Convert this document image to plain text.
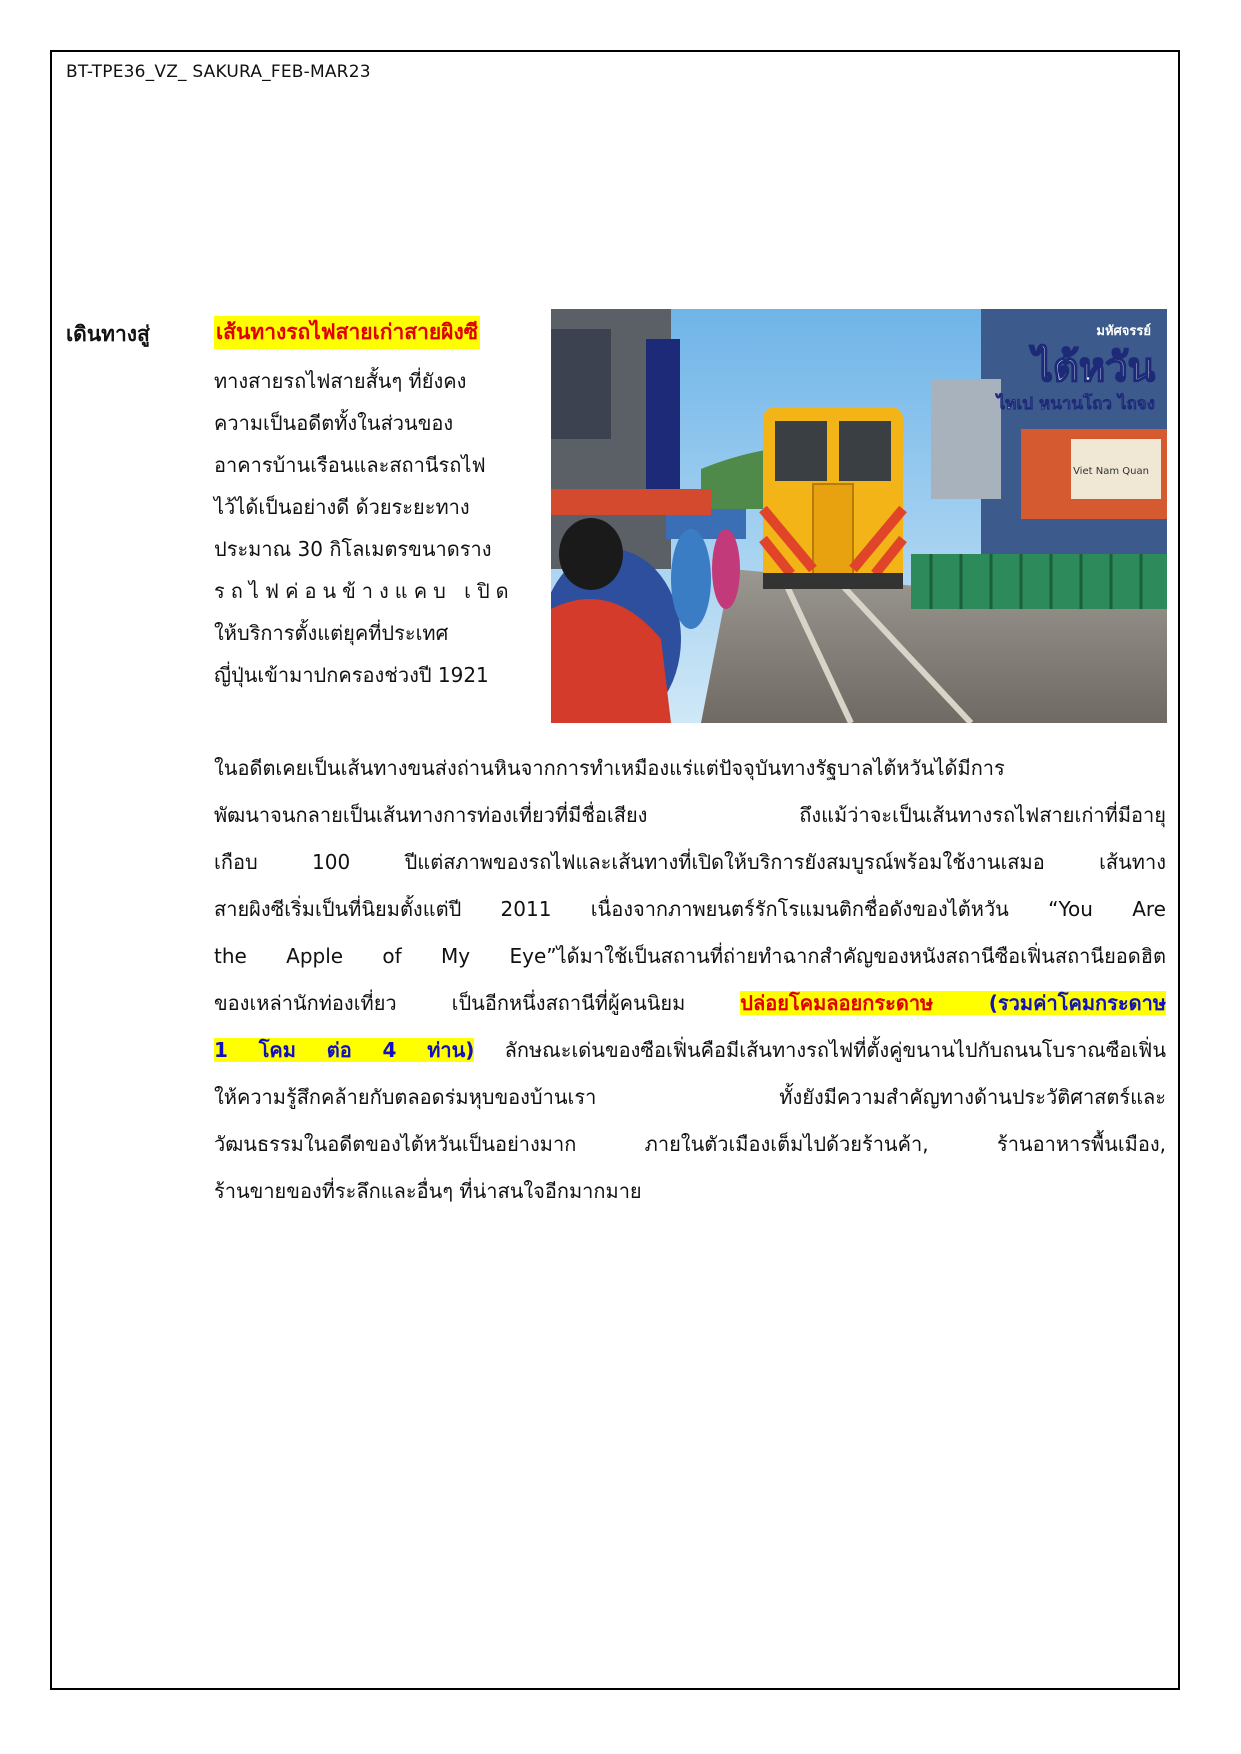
BT-TPE36_VZ_ SAKURA_FEB-MAR23
เดินทางสู่	เส้นทางรถไฟสายเก่าสายผิงซี
ทางสายรถไฟสายสั้นๆ ที่ยังคง
ความเป็นอดีตทั้งในส่วนของ
อาคารบ้านเรือนและสถานีรถไฟ
ไว้ได้เป็นอย่างดี ด้วยระยะทาง
ประมาณ 30 กิโลเมตรขนาดราง
รถไฟค่อนข้างแคบ เปิด
ให้บริการตั้งแต่ยุคที่ประเทศ
ญี่ปุ่นเข้ามาปกครองช่วงปี 1921
มหัศจรรย์
ไต้หวัน
ไทเป หนานโถว ไถจง
Viet Nam Quan
ในอดีตเคยเป็นเส้นทางขนส่งถ่านหินจากการทำเหมืองแร่แต่ปัจจุบันทางรัฐบาลไต้หวันได้มีการ
พัฒนาจนกลายเป็นเส้นทางการท่องเที่ยวที่มีชื่อเสียง ถึงแม้ว่าจะเป็นเส้นทางรถไฟสายเก่าที่มีอายุ
เกือบ 100 ปีแต่สภาพของรถไฟและเส้นทางที่เปิดให้บริการยังสมบูรณ์พร้อมใช้งานเสมอ เส้นทาง
สายผิงซีเริ่มเป็นที่นิยมตั้งแต่ปี 2011 เนื่องจากภาพยนตร์รักโรแมนติกชื่อดังของไต้หวัน “You Are
the Apple of My Eye”ได้มาใช้เป็นสถานที่ถ่ายทำฉากสำคัญของหนังสถานีซือเฟิ่นสถานียอดฮิต
ของเหล่านักท่องเที่ยว เป็นอีกหนึ่งสถานีที่ผู้คนนิยม ปล่อยโคมลอยกระดาษ (รวมค่าโคมกระดาษ
1 โคม ต่อ 4 ท่าน) ลักษณะเด่นของซือเฟิ่นคือมีเส้นทางรถไฟที่ตั้งคู่ขนานไปกับถนนโบราณซือเฟิ่น
ให้ความรู้สึกคล้ายกับตลอดร่มหุบของบ้านเรา ทั้งยังมีความสำคัญทางด้านประวัติศาสตร์และ
วัฒนธรรมในอดีตของไต้หวันเป็นอย่างมาก ภายในตัวเมืองเต็มไปด้วยร้านค้า, ร้านอาหารพื้นเมือง,
ร้านขายของที่ระลึกและอื่นๆ ที่น่าสนใจอีกมากมาย
